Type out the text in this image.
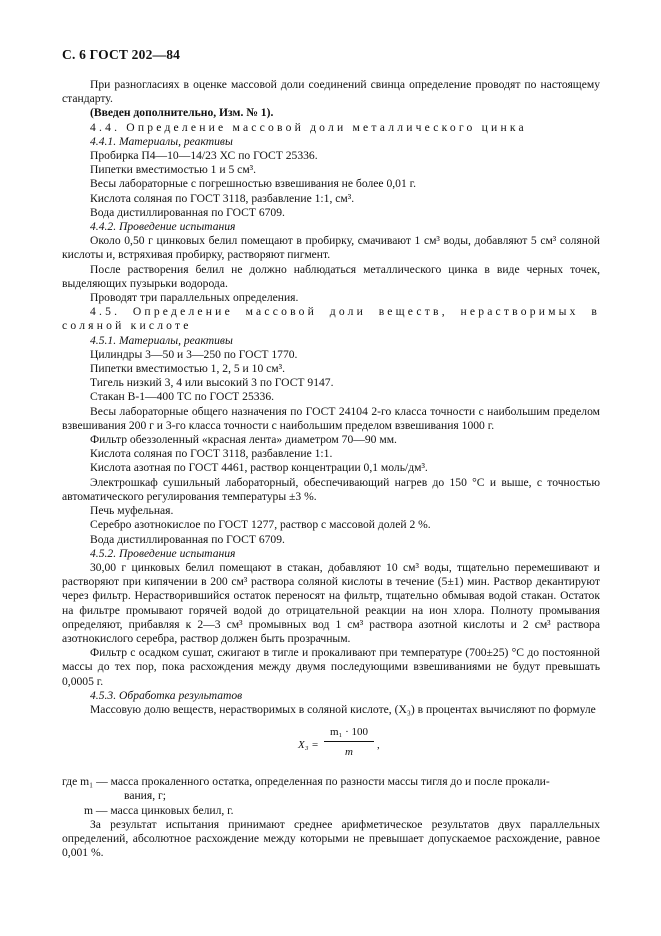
С. 6 ГОСТ 202—84

При разногласиях в оценке массовой доли соединений свинца определение проводят по настоящему стандарту.

(Введен дополнительно, Изм. № 1).

4.4. Определение массовой доли металлического цинка

4.4.1. Материалы, реактивы

Пробирка П4—10—14/23 ХС по ГОСТ 25336.

Пипетки вместимостью 1 и 5 см³.

Весы лабораторные с погрешностью взвешивания не более 0,01 г.

Кислота соляная по ГОСТ 3118, разбавление 1:1, см³.

Вода дистиллированная по ГОСТ 6709.

4.4.2. Проведение испытания

Около 0,50 г цинковых белил помещают в пробирку, смачивают 1 см³ воды, добавляют 5 см³ соляной кислоты и, встряхивая пробирку, растворяют пигмент.

После растворения белил не должно наблюдаться металлического цинка в виде черных точек, выделяющих пузырьки водорода.

Проводят три параллельных определения.

4.5. Определение массовой доли веществ, нерастворимых в соляной кислоте

4.5.1. Материалы, реактивы

Цилиндры 3—50 и 3—250 по ГОСТ 1770.

Пипетки вместимостью 1, 2, 5 и 10 см³.

Тигель низкий 3, 4 или высокий 3 по ГОСТ 9147.

Стакан В-1—400 ТС по ГОСТ 25336.

Весы лабораторные общего назначения по ГОСТ 24104 2-го класса точности с наибольшим пределом взвешивания 200 г и 3-го класса точности с наибольшим пределом взвешивания 1000 г.

Фильтр обеззоленный «красная лента» диаметром 70—90 мм.

Кислота соляная по ГОСТ 3118, разбавление 1:1.

Кислота азотная по ГОСТ 4461, раствор концентрации 0,1 моль/дм³.

Электрошкаф сушильный лабораторный, обеспечивающий нагрев до 150 °С и выше, с точностью автоматического регулирования температуры ±3 %.

Печь муфельная.

Серебро азотнокислое по ГОСТ 1277, раствор с массовой долей 2 %.

Вода дистиллированная по ГОСТ 6709.

4.5.2. Проведение испытания

30,00 г цинковых белил помещают в стакан, добавляют 10 см³ воды, тщательно перемешивают и растворяют при кипячении в 200 см³ раствора соляной кислоты в течение (5±1) мин. Раствор декантируют через фильтр. Нерастворившийся остаток переносят на фильтр, тщательно обмывая водой стакан. Остаток на фильтре промывают горячей водой до отрицательной реакции на ион хлора. Полноту промывания определяют, прибавляя к 2—3 см³ промывных вод 1 см³ раствора азотной кислоты и 2 см³ раствора азотнокислого серебра, раствор должен быть прозрачным.

Фильтр с осадком сушат, сжигают в тигле и прокаливают при температуре (700±25) °С до постоянной массы до тех пор, пока расхождения между двумя последующими взвешиваниями не будут превышать 0,0005 г.

4.5.3. Обработка результатов

Массовую долю веществ, нерастворимых в соляной кислоте, (X₃) в процентах вычисляют по формуле

X₃ =
m₁ · 100
m
,

где m₁ — масса прокаленного остатка, определенная по разности массы тигля до и после прокали-

вания, г;

m — масса цинковых белил, г.

За результат испытания принимают среднее арифметическое результатов двух параллельных определений, абсолютное расхождение между которыми не превышает допускаемое расхождение, равное 0,001 %.
